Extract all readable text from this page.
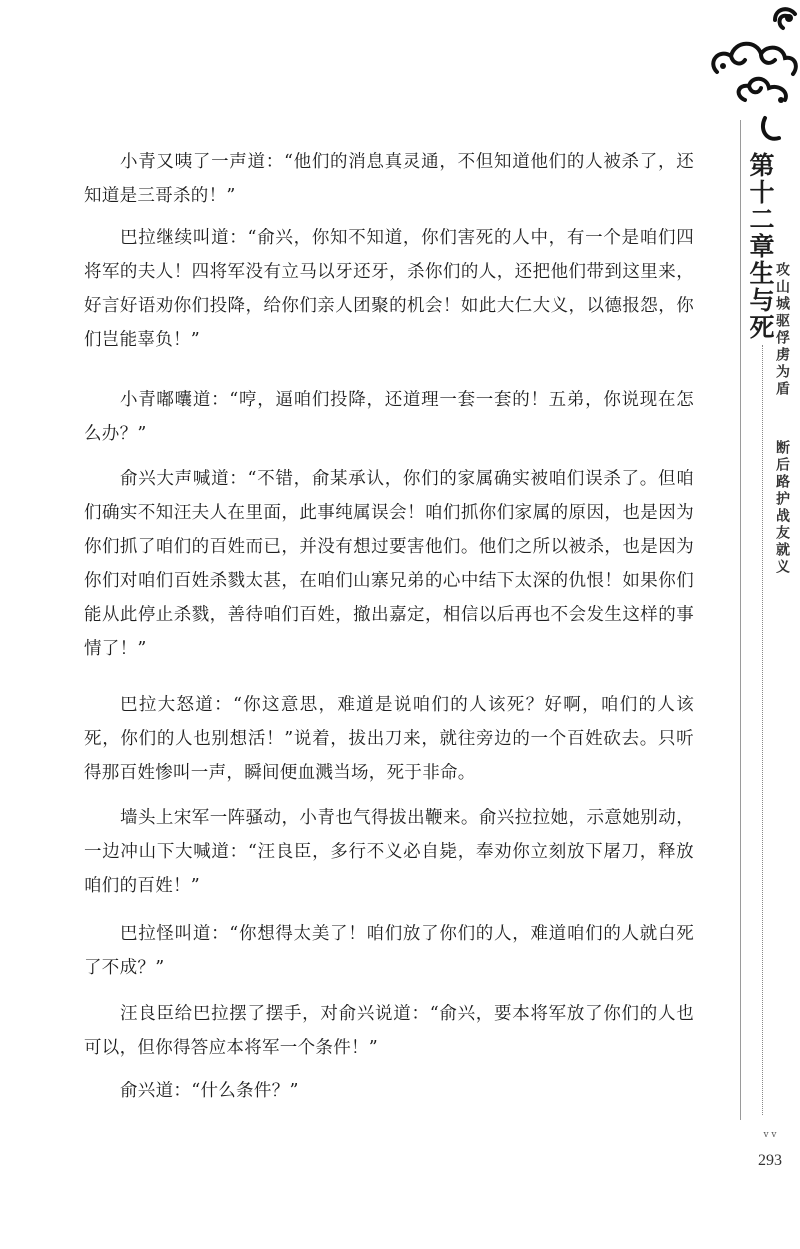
小青又咦了一声道：“他们的消息真灵通，不但知道他们的人被杀了，还知道是三哥杀的！”

巴拉继续叫道：“俞兴，你知不知道，你们害死的人中，有一个是咱们四将军的夫人！四将军没有立马以牙还牙，杀你们的人，还把他们带到这里来，好言好语劝你们投降，给你们亲人团聚的机会！如此大仁大义，以德报怨，你们岂能辜负！”

小青嘟囔道：“哼，逼咱们投降，还道理一套一套的！五弟，你说现在怎么办？”

俞兴大声喊道：“不错，俞某承认，你们的家属确实被咱们误杀了。但咱们确实不知汪夫人在里面，此事纯属误会！咱们抓你们家属的原因，也是因为你们抓了咱们的百姓而已，并没有想过要害他们。他们之所以被杀，也是因为你们对咱们百姓杀戮太甚，在咱们山寨兄弟的心中结下太深的仇恨！如果你们能从此停止杀戮，善待咱们百姓，撤出嘉定，相信以后再也不会发生这样的事情了！”

巴拉大怒道：“你这意思，难道是说咱们的人该死？好啊，咱们的人该死，你们的人也别想活！”说着，拔出刀来，就往旁边的一个百姓砍去。只听得那百姓惨叫一声，瞬间便血溅当场，死于非命。

墙头上宋军一阵骚动，小青也气得拔出鞭来。俞兴拉拉她，示意她别动，一边冲山下大喊道：“汪良臣，多行不义必自毙，奉劝你立刻放下屠刀，释放咱们的百姓！”

巴拉怪叫道：“你想得太美了！咱们放了你们的人，难道咱们的人就白死了不成？”

汪良臣给巴拉摆了摆手，对俞兴说道：“俞兴，要本将军放了你们的人也可以，但你得答应本将军一个条件！”

俞兴道：“什么条件？”

第十二章
生与死 攻山城驱俘虏为盾
断后路护战友就义
v v
293
